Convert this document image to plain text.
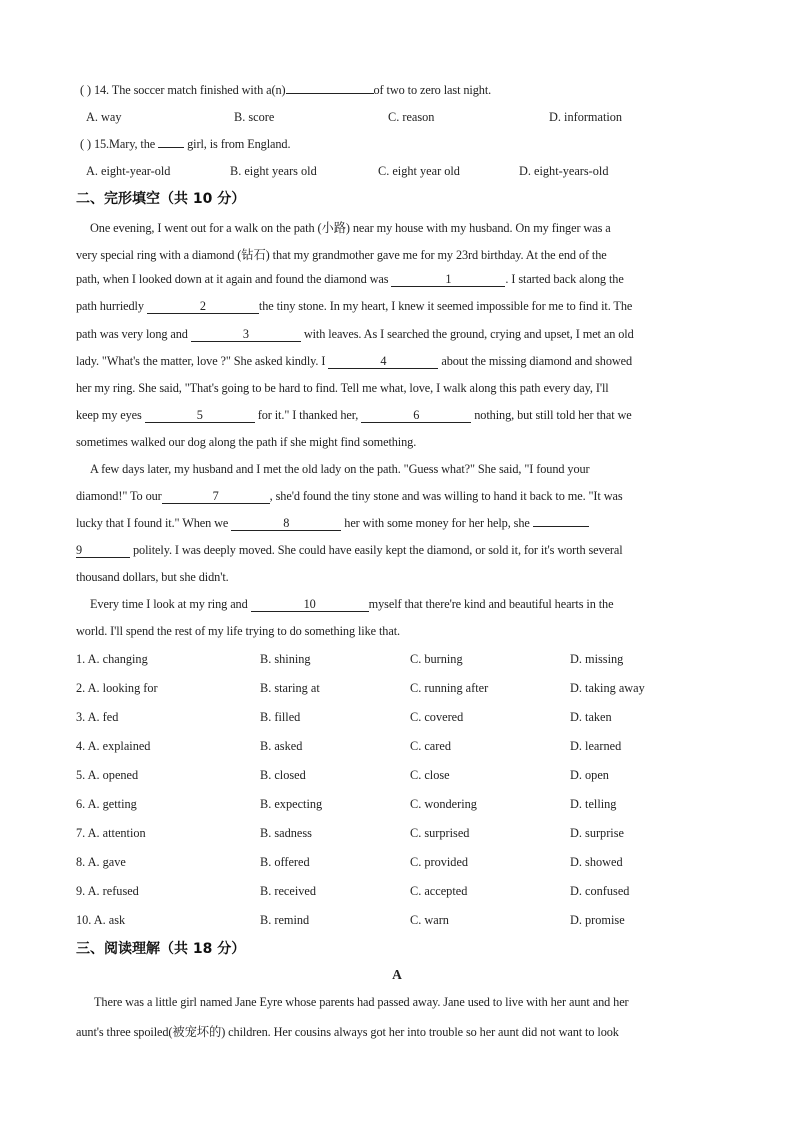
( ) 14. The soccer match finished with a(n)	of two to zero last night.
A. way	B. score	C. reason	D. information
( ) 15.Mary, the	girl, is from England.
A. eight-year-old	B. eight years old	C. eight year old	D. eight-years-old
二、完形填空（共 10 分）
One evening, I went out for a walk on the path (小路) near my house with my husband. On my finger was a
very special ring with a diamond (钻石) that my grandmother gave me for my 23rd birthday. At the end of the
path, when I looked down at it again and found the diamond was	1	. I started back along the
path hurriedly	2	the tiny stone. In my heart, I knew it seemed impossible for me to find it. The
path was very long and	3	with leaves. As I searched the ground, crying and upset, I met an old
lady. "What's the matter, love ?" She asked kindly. I	4	about the missing diamond and showed
her my ring. She said, "That's going to be hard to find. Tell me what, love, I walk along this path every day, I'll
keep my eyes	5	for it." I thanked her,	6	nothing, but still told her that we
sometimes walked our dog along the path if she might find something.
A few days later, my husband and I met the old lady on the path. "Guess what?" She said, "I found your
diamond!" To our	7	, she'd found the tiny stone and was willing to hand it back to me. "It was
lucky that I found it." When we	8	her with some money for her help, she
9	politely. I was deeply moved. She could have easily kept the diamond, or sold it, for it's worth several
thousand dollars, but she didn't.
Every time I look at my ring and	10	myself that there're kind and beautiful hearts in the
world. I'll spend the rest of my life trying to do something like that.
1. A. changing	B. shining	C. burning	D. missing
2. A. looking for	B. staring at	C. running after	D. taking away
3. A. fed	B. filled	C. covered	D. taken
4. A. explained	B. asked	C. cared	D. learned
5. A. opened	B. closed	C. close	D. open
6. A. getting	B. expecting	C. wondering	D. telling
7. A. attention	B. sadness	C. surprised	D. surprise
8. A. gave	B. offered	C. provided	D. showed
9. A. refused	B. received	C. accepted	D. confused
10. A. ask	B. remind	C. warn	D. promise
三、阅读理解（共 18 分）
A
There was a little girl named Jane Eyre whose parents had passed away. Jane used to live with her aunt and her
aunt's three spoiled(被宠坏的) children. Her cousins always got her into trouble so her aunt did not want to look
